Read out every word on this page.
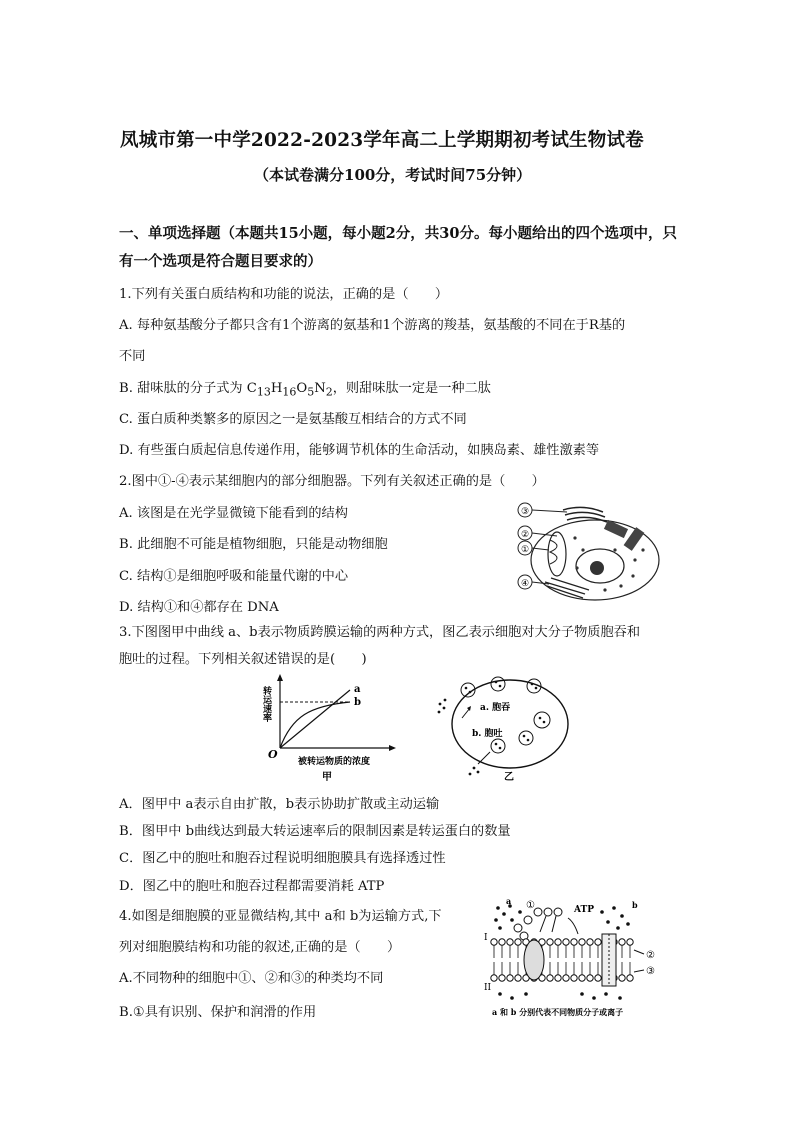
凤城市第一中学2022-2023学年高二上学期期初考试生物试卷
（本试卷满分100分，考试时间75分钟）
一、单项选择题（本题共15小题，每小题2分，共30分。每小题给出的四个选项中，只
有一个选项是符合题目要求的）
1.下列有关蛋白质结构和功能的说法，正确的是（　　）
A. 每种氨基酸分子都只含有1个游离的氨基和1个游离的羧基，氨基酸的不同在于R基的
不同
B. 甜味肽的分子式为 $C_{13}H_{16}O_5N_2$，则甜味肽一定是一种二肽
C. 蛋白质种类繁多的原因之一是氨基酸互相结合的方式不同
D. 有些蛋白质起信息传递作用，能够调节机体的生命活动，如胰岛素、雄性激素等
2.图中①-④表示某细胞内的部分细胞器。下列有关叙述正确的是（　　）
A. 该图是在光学显微镜下能看到的结构
B. 此细胞不可能是植物细胞，只能是动物细胞
C. 结构①是细胞呼吸和能量代谢的中心
D. 结构①和④都存在 DNA
③
②
①
④
3.下图图甲中曲线 a、b表示物质跨膜运输的两种方式，图乙表示细胞对大分子物质胞吞和
胞吐的过程。下列相关叙述错误的是(　　)
转运速率	a
b
O
被转运物质的浓度
甲
a. 胞吞
b. 胞吐
乙
A．图甲中 a表示自由扩散，b表示协助扩散或主动运输
B．图甲中 b曲线达到最大转运速率后的限制因素是转运蛋白的数量
C．图乙中的胞吐和胞吞过程说明细胞膜具有选择透过性
D．图乙中的胞吐和胞吞过程都需要消耗 ATP
4.如图是细胞膜的亚显微结构,其中 a和 b为运输方式,下
列对细胞膜结构和功能的叙述,正确的是（　　）
A.不同物种的细胞中①、②和③的种类均不同
B.①具有识别、保护和润滑的作用
①	ATP
②
③
I
II
a	b
a 和 b 分别代表不同物质分子或离子
